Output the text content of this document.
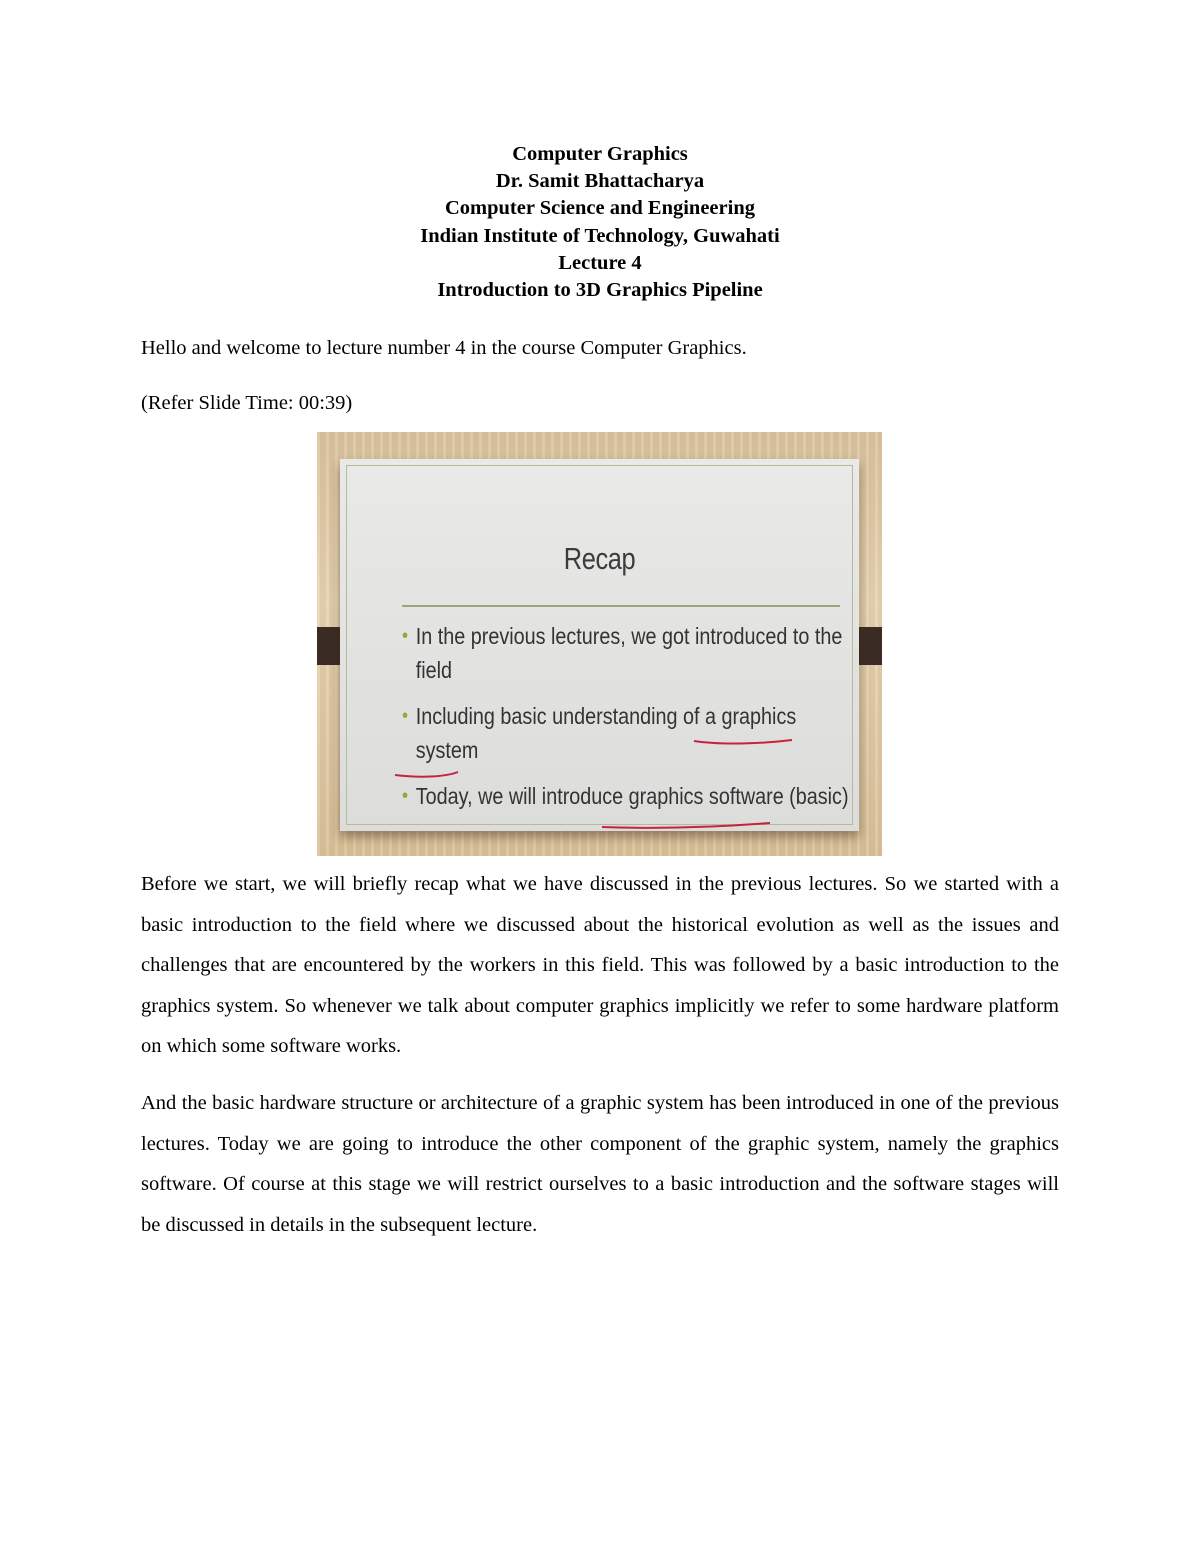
Computer Graphics
Dr. Samit Bhattacharya
Computer Science and Engineering
Indian Institute of Technology, Guwahati
Lecture 4
Introduction to 3D Graphics Pipeline

Hello and welcome to lecture number 4 in the course Computer Graphics.

(Refer Slide Time: 00:39)

Recap
• In the previous lectures, we got introduced to the
field
• Including basic understanding of a graphics
system
• Today, we will introduce graphics software (basic)

Before we start, we will briefly recap what we have discussed in the previous lectures. So we started with a basic introduction to the field where we discussed about the historical evolution as well as the issues and challenges that are encountered by the workers in this field. This was followed by a basic introduction to the graphics system. So whenever we talk about computer graphics implicitly we refer to some hardware platform on which some software works.

And the basic hardware structure or architecture of a graphic system has been introduced in one of the previous lectures. Today we are going to introduce the other component of the graphic system, namely the graphics software. Of course at this stage we will restrict ourselves to a basic introduction and the software stages will be discussed in details in the subsequent lecture.
